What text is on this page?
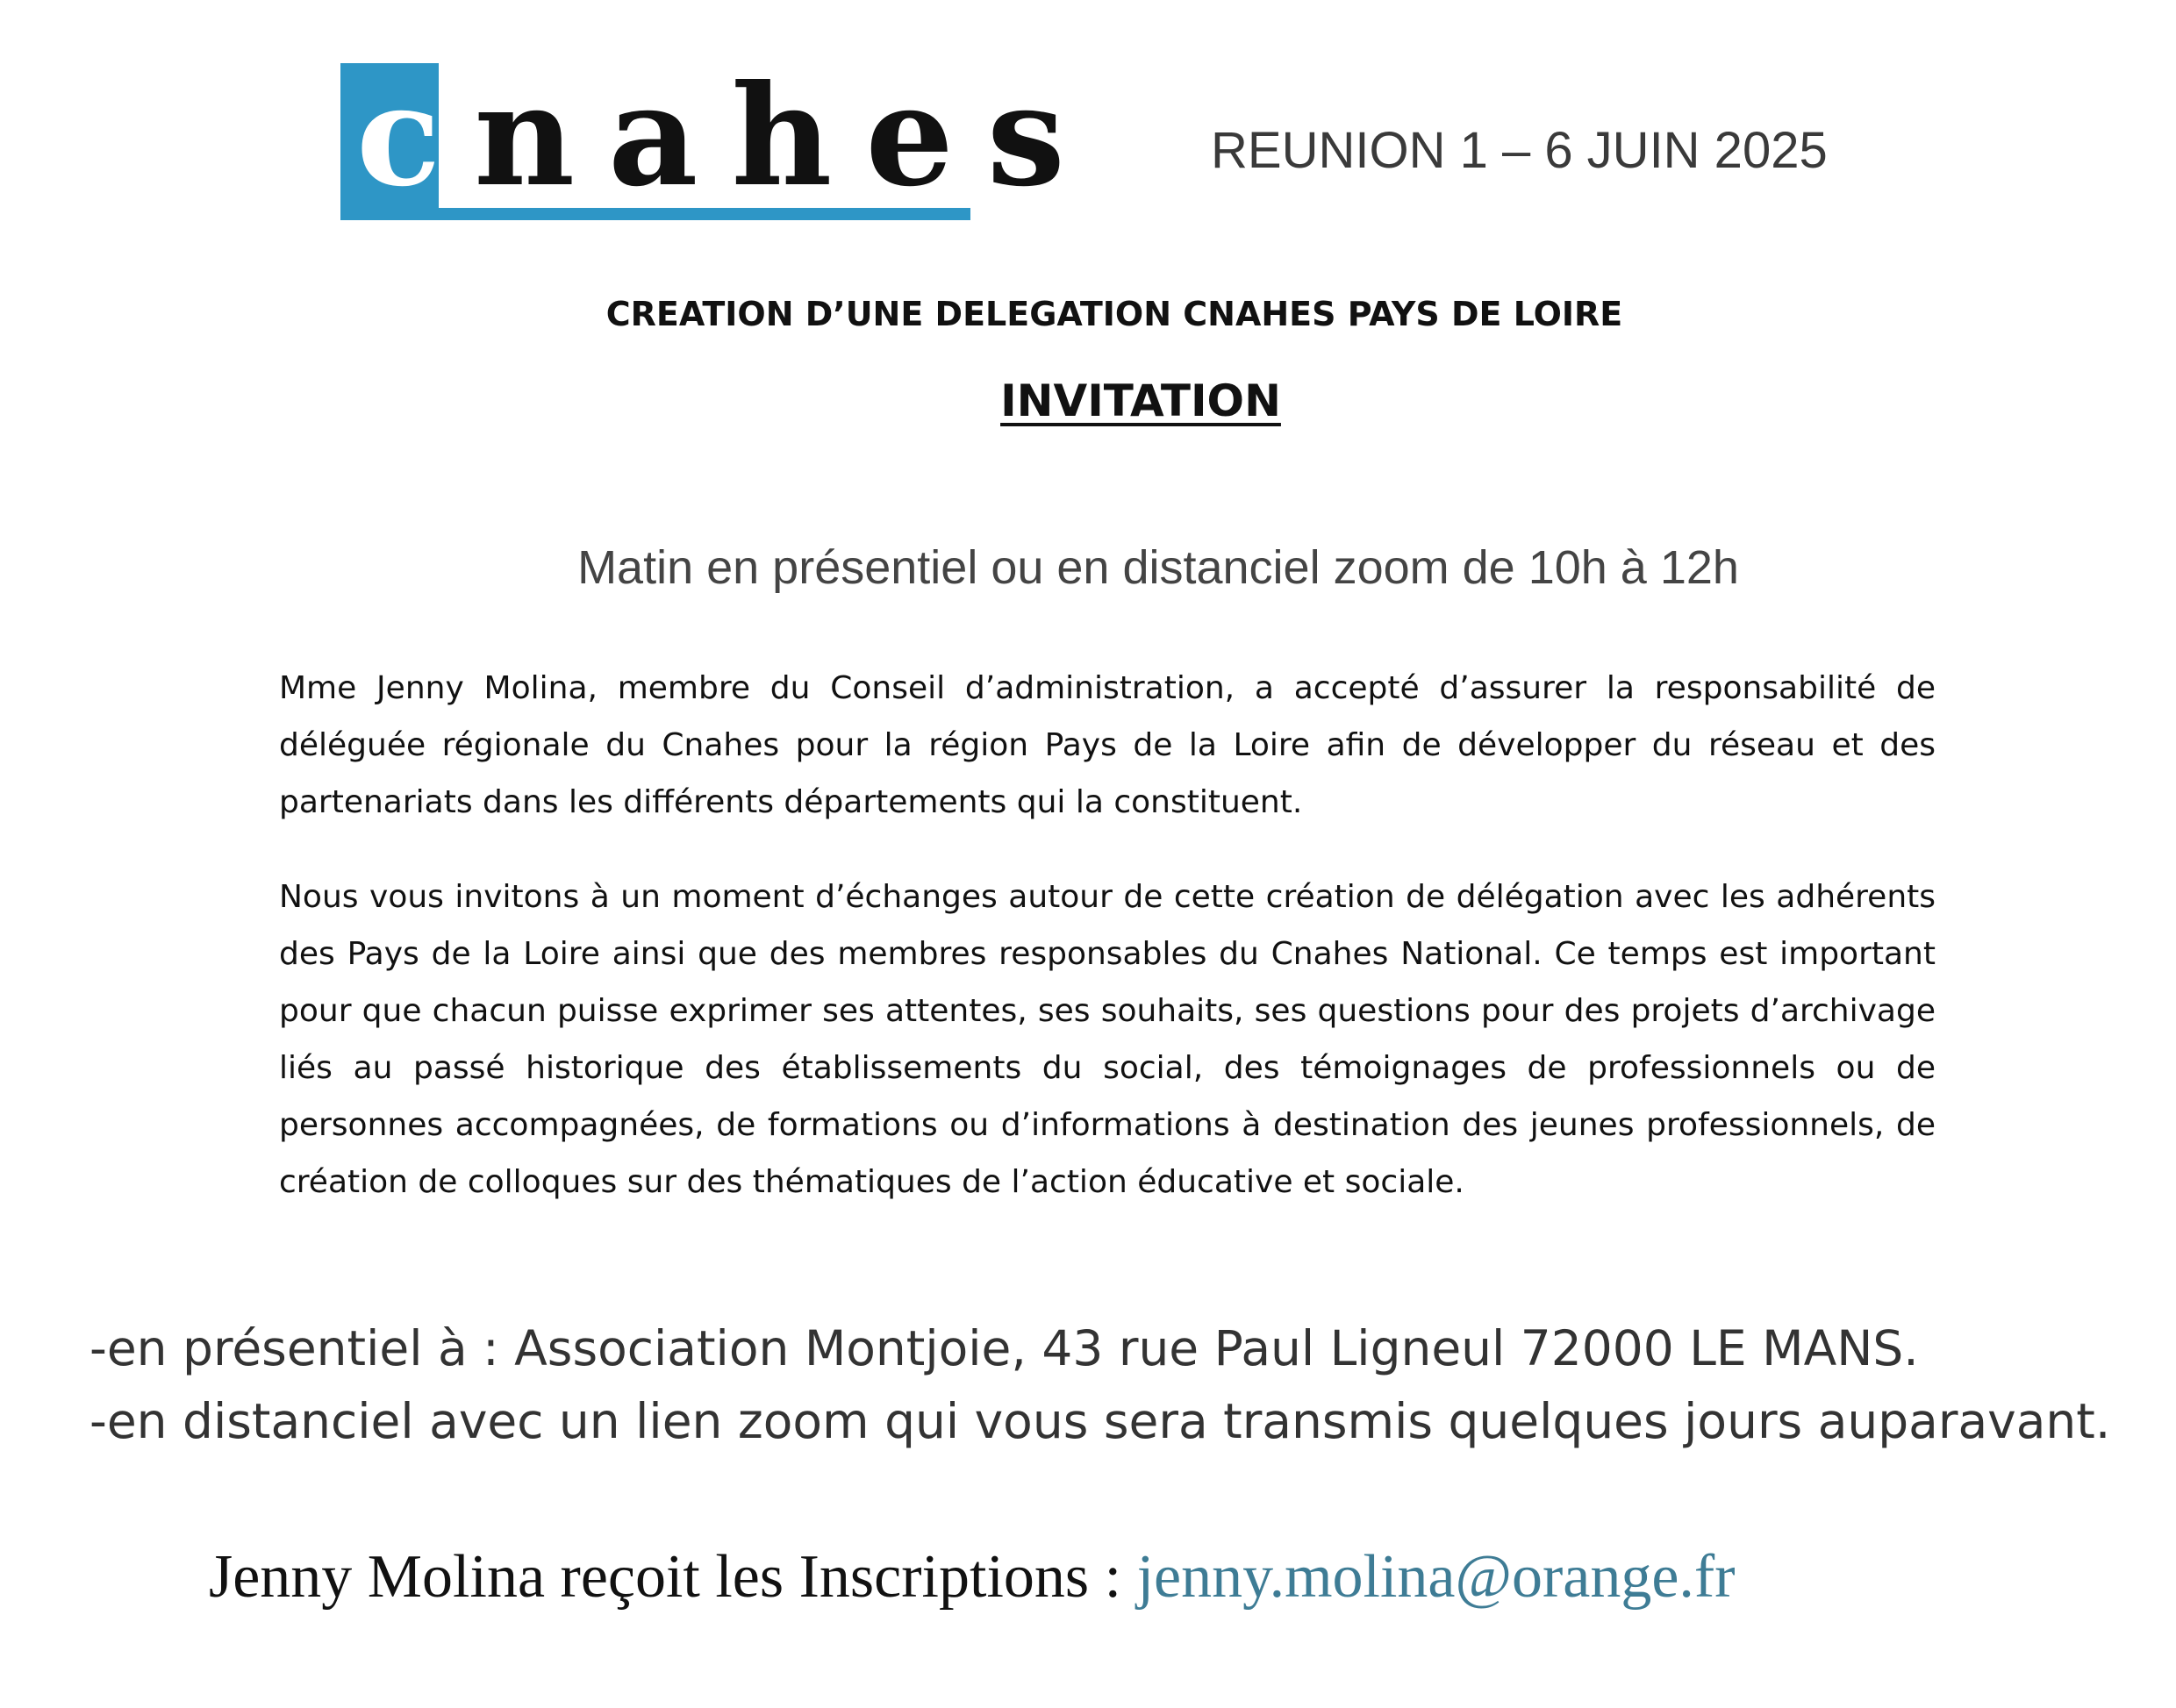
cnahes REUNION 1 – 6 JUIN 2025
CREATION D’UNE DELEGATION CNAHES PAYS DE LOIRE
INVITATION
Matin en présentiel ou en distanciel zoom de 10h à 12h
Mme Jenny Molina, membre du Conseil d’administration, a accepté d’assurer la responsabilité de déléguée régionale du Cnahes pour la région Pays de la Loire afin de développer du réseau et des partenariats dans les différents départements qui la constituent.
Nous vous invitons à un moment d’échanges autour de cette création de délégation avec les adhérents des Pays de la Loire ainsi que des membres responsables du Cnahes National. Ce temps est important pour que chacun puisse exprimer ses attentes, ses souhaits, ses questions pour des projets d’archivage liés au passé historique des établissements du social, des témoignages de professionnels ou de personnes accompagnées, de formations ou d’informations à destination des jeunes professionnels, de création de colloques sur des thématiques de l’action éducative et sociale.
-en présentiel à : Association Montjoie, 43 rue Paul Ligneul 72000 LE MANS.
-en distanciel avec un lien zoom qui vous sera transmis quelques jours auparavant.
Jenny Molina reçoit les Inscriptions : jenny.molina@orange.fr
